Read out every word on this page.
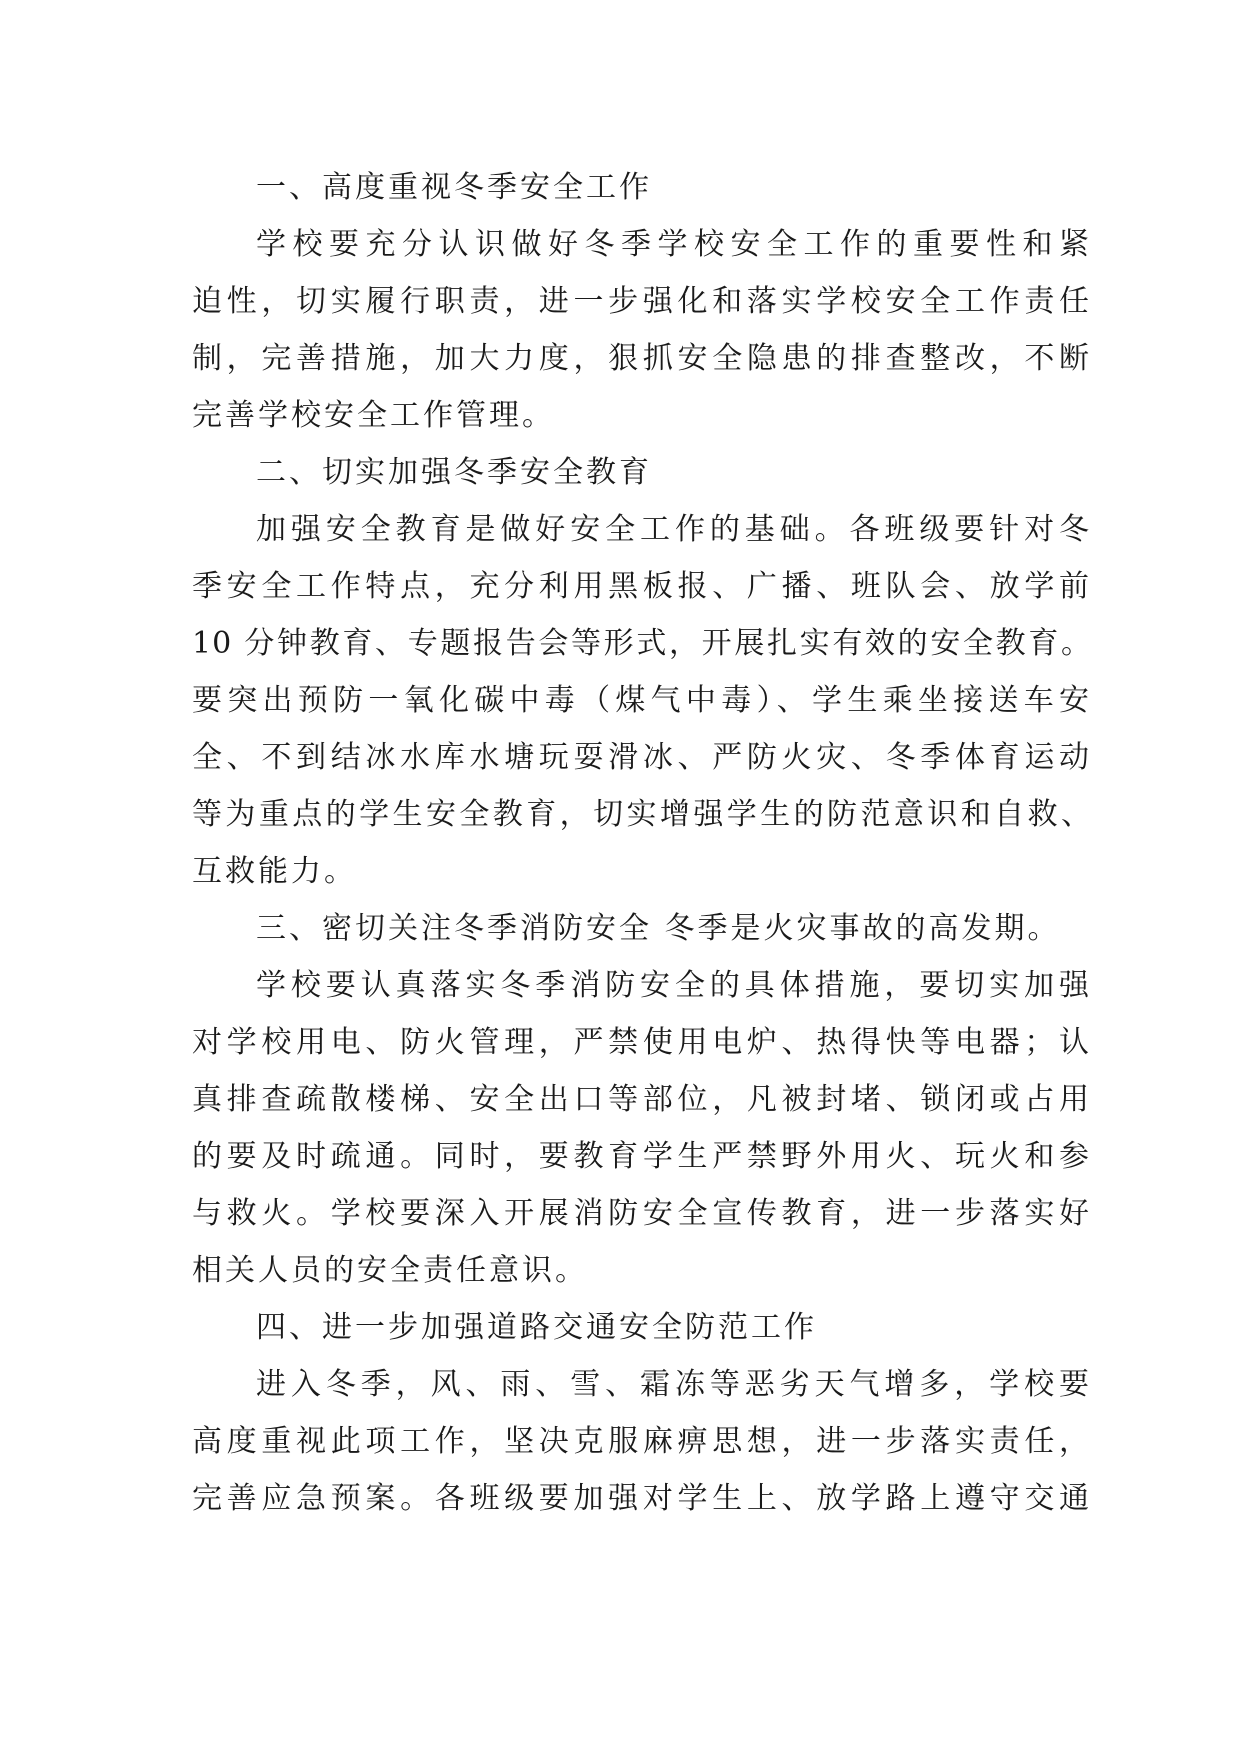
一、高度重视冬季安全工作
学校要充分认识做好冬季学校安全工作的重要性和紧
迫性，切实履行职责，进一步强化和落实学校安全工作责任
制，完善措施，加大力度，狠抓安全隐患的排查整改，不断
完善学校安全工作管理。
二、切实加强冬季安全教育
加强安全教育是做好安全工作的基础。各班级要针对冬
季安全工作特点，充分利用黑板报、广播、班队会、放学前
10 分钟教育、专题报告会等形式，开展扎实有效的安全教育。
要突出预防一氧化碳中毒（煤气中毒）、学生乘坐接送车安
全、不到结冰水库水塘玩耍滑冰、严防火灾、冬季体育运动
等为重点的学生安全教育，切实增强学生的防范意识和自救、
互救能力。
三、密切关注冬季消防安全 冬季是火灾事故的高发期。
学校要认真落实冬季消防安全的具体措施，要切实加强
对学校用电、防火管理，严禁使用电炉、热得快等电器；认
真排查疏散楼梯、安全出口等部位，凡被封堵、锁闭或占用
的要及时疏通。同时，要教育学生严禁野外用火、玩火和参
与救火。学校要深入开展消防安全宣传教育，进一步落实好
相关人员的安全责任意识。
四、进一步加强道路交通安全防范工作
进入冬季，风、雨、雪、霜冻等恶劣天气增多，学校要
高度重视此项工作，坚决克服麻痹思想，进一步落实责任，
完善应急预案。各班级要加强对学生上、放学路上遵守交通
